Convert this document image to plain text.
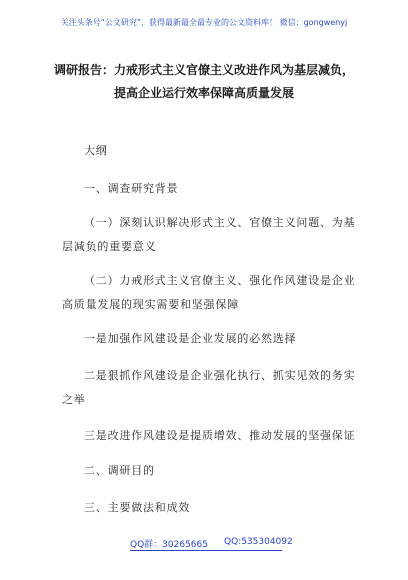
关注头条号“公文研究”，获得最新最全最专业的公文资料库！ 微信：gongwenyj
调研报告：力戒形式主义官僚主义改进作风为基层减负，
提高企业运行效率保障高质量发展
大纲
一、调查研究背景
（一）深刻认识解决形式主义、官僚主义问题、为基
层减负的重要意义
（二）力戒形式主义官僚主义、强化作风建设是企业
高质量发展的现实需要和坚强保障
一是加强作风建设是企业发展的必然选择
二是狠抓作风建设是企业强化执行、抓实见效的务实
之举
三是改进作风建设是提质增效、推动发展的坚强保证
二、调研目的
三、主要做法和成效
QQ群：30265665 QQ:535304092
